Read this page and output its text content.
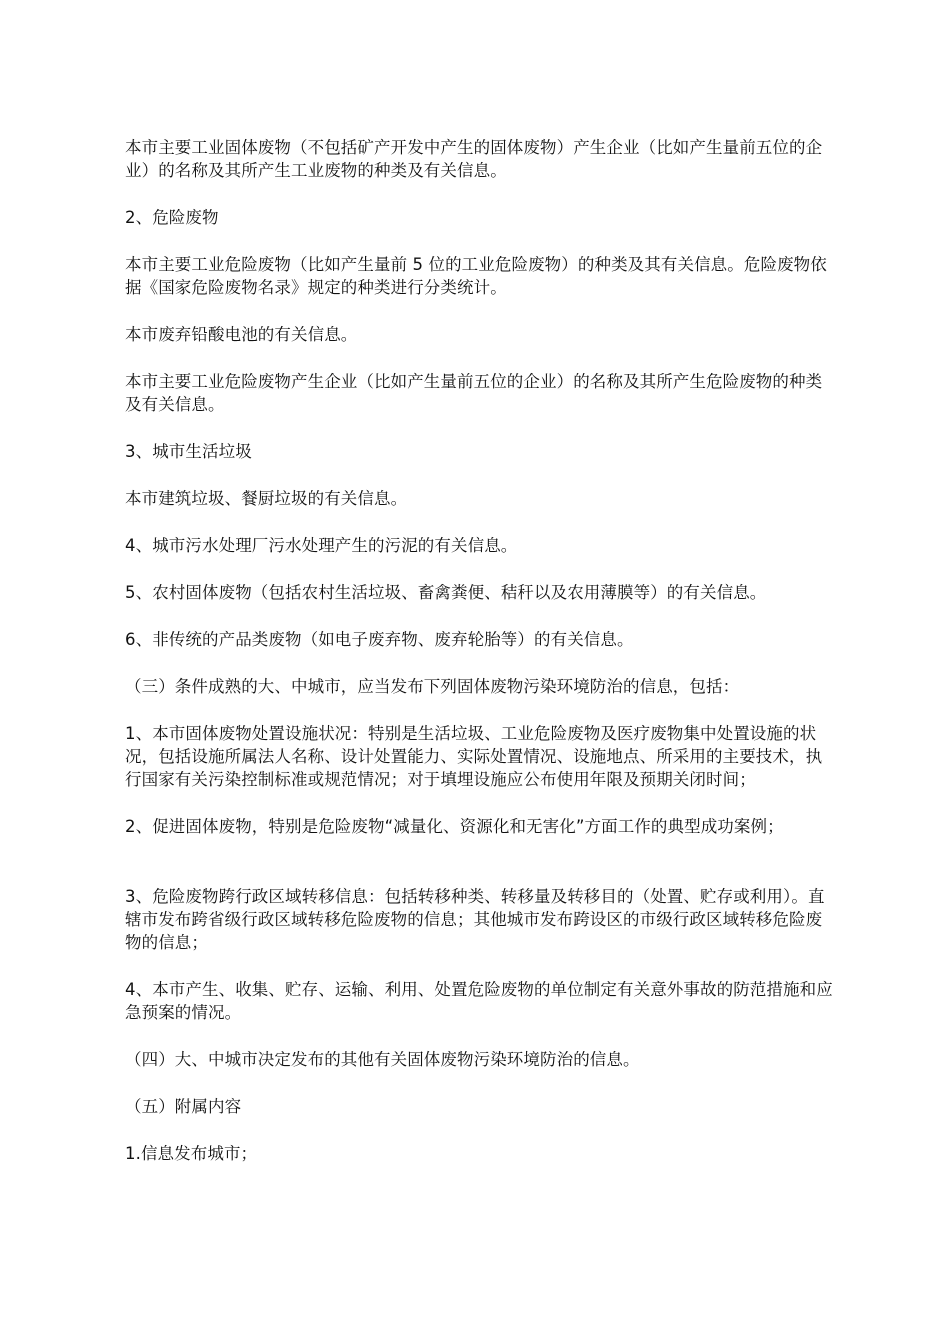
本市主要工业固体废物（不包括矿产开发中产生的固体废物）产生企业（比如产生量前五位的企业）的名称及其所产生工业废物的种类及有关信息。

2、危险废物

本市主要工业危险废物（比如产生量前 5 位的工业危险废物）的种类及其有关信息。危险废物依据《国家危险废物名录》规定的种类进行分类统计。

本市废弃铅酸电池的有关信息。

本市主要工业危险废物产生企业（比如产生量前五位的企业）的名称及其所产生危险废物的种类及有关信息。

3、城市生活垃圾

本市建筑垃圾、餐厨垃圾的有关信息。

4、城市污水处理厂污水处理产生的污泥的有关信息。

5、农村固体废物（包括农村生活垃圾、畜禽粪便、秸秆以及农用薄膜等）的有关信息。

6、非传统的产品类废物（如电子废弃物、废弃轮胎等）的有关信息。

（三）条件成熟的大、中城市，应当发布下列固体废物污染环境防治的信息，包括：

1、本市固体废物处置设施状况：特别是生活垃圾、工业危险废物及医疗废物集中处置设施的状况，包括设施所属法人名称、设计处置能力、实际处置情况、设施地点、所采用的主要技术，执行国家有关污染控制标准或规范情况；对于填埋设施应公布使用年限及预期关闭时间；

2、促进固体废物，特别是危险废物“减量化、资源化和无害化”方面工作的典型成功案例；

3、危险废物跨行政区域转移信息：包括转移种类、转移量及转移目的（处置、贮存或利用）。直辖市发布跨省级行政区域转移危险废物的信息；其他城市发布跨设区的市级行政区域转移危险废物的信息；

4、本市产生、收集、贮存、运输、利用、处置危险废物的单位制定有关意外事故的防范措施和应急预案的情况。

（四）大、中城市决定发布的其他有关固体废物污染环境防治的信息。

（五）附属内容

1.信息发布城市；
